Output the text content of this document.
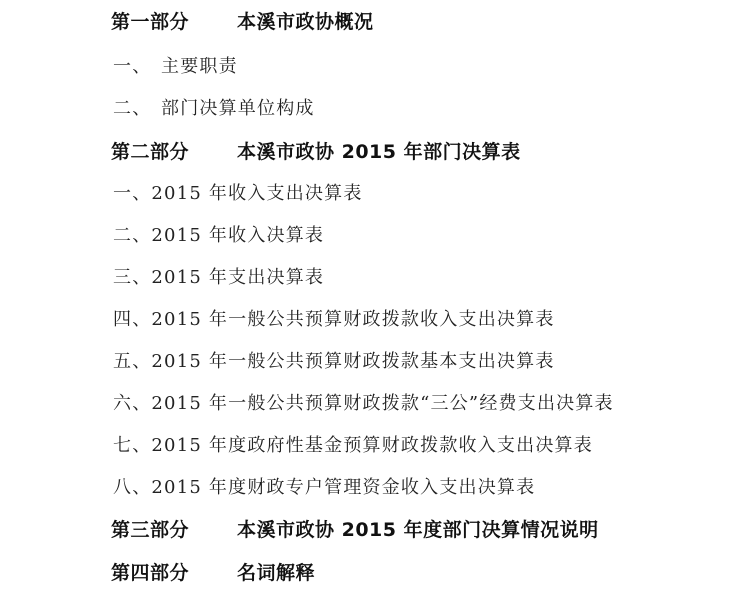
第一部分	本溪市政协概况
一、 主要职责
二、 部门决算单位构成
第二部分	本溪市政协 2015 年部门决算表
一、2015 年收入支出决算表
二、2015 年收入决算表
三、2015 年支出决算表
四、2015 年一般公共预算财政拨款收入支出决算表
五、2015 年一般公共预算财政拨款基本支出决算表
六、2015 年一般公共预算财政拨款“三公”经费支出决算表
七、2015 年度政府性基金预算财政拨款收入支出决算表
八、2015 年度财政专户管理资金收入支出决算表
第三部分	本溪市政协 2015 年度部门决算情况说明
第四部分	名词解释
